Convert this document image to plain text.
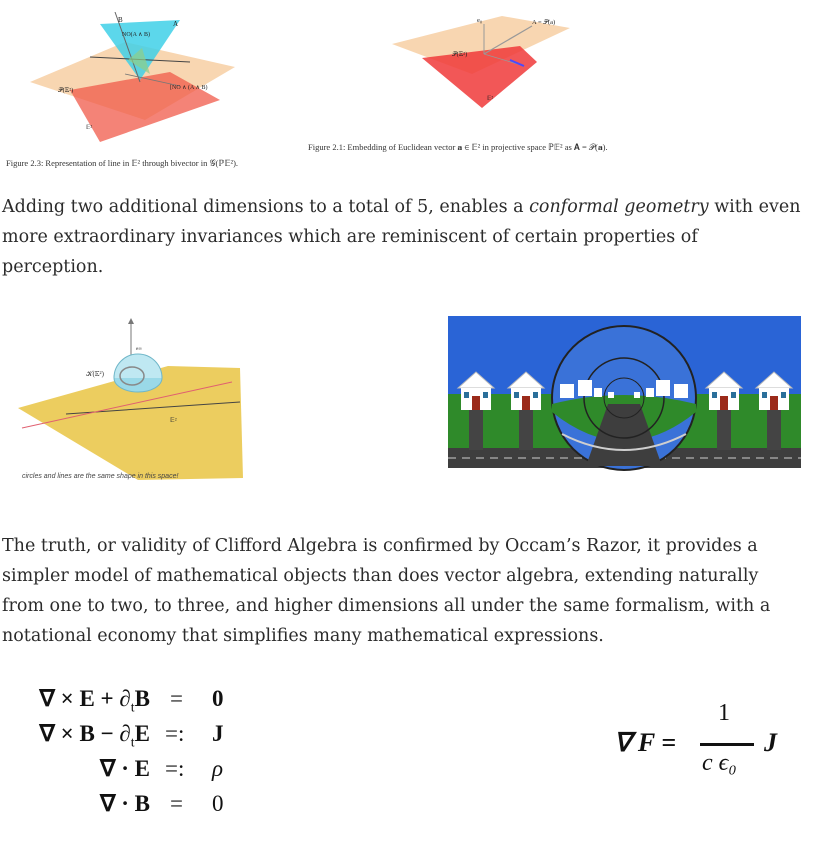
B	A
NO(A ∧ B)
[NO ∧ (A ∧ B)
𝒫(𝔼²)
𝔼²
Figure 2.3: Representation of line in 𝔼² through bivector in 𝒢(ℙ𝔼²).
e₀	A = 𝒫(a)
𝒫(𝔼²)
𝔼²
Figure 2.1: Embedding of Euclidean vector 𝐚 ∈ 𝔼² in projective space ℙ𝔼² as 𝐀 = 𝒫(𝐚).
Adding two additional dimensions to a total of 5, enables a conformal geometry with even more extraordinary invariances which are reminiscent of certain properties of perception.
𝒦(𝔼²)
𝔼²
e∞
circles and lines are the same shape in this space!
The truth, or validity of Clifford Algebra is confirmed by Occam’s Razor, it provides a simpler model of mathematical objects than does vector algebra, extending naturally from one to two, to three, and higher dimensions all under the same formalism, with a notational economy that simplifies many mathematical expressions.
∇ × $E + \partial_tB = 0$
∇ × $B - \partial_tE$ =: J
∇ · E =: ρ
∇ · B = 0
∇ F =
1
c ϵ₀
J
